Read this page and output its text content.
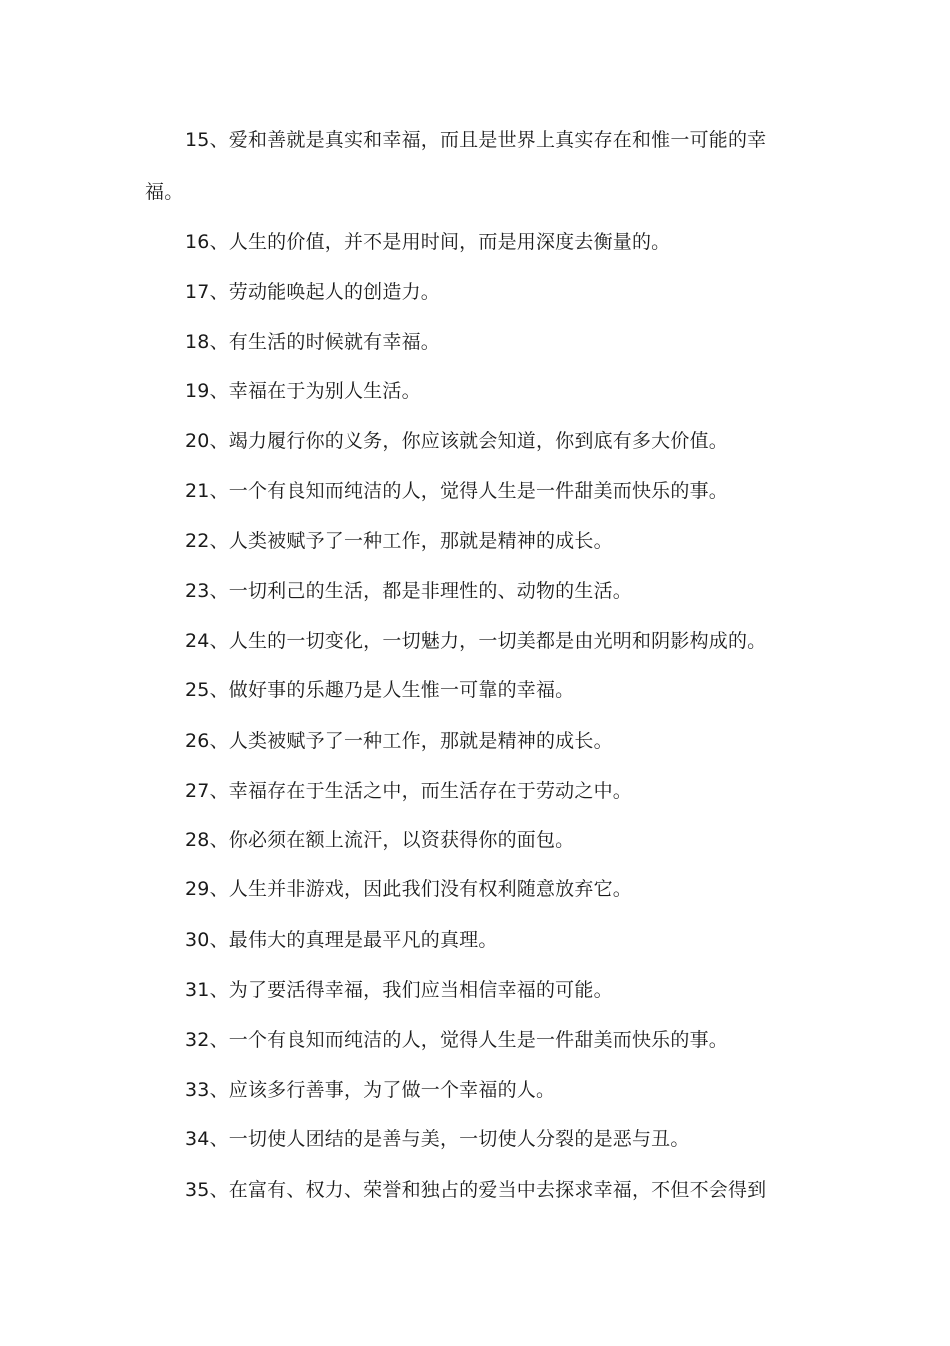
15、爱和善就是真实和幸福，而且是世界上真实存在和惟一可能的幸
福。
16、人生的价值，并不是用时间，而是用深度去衡量的。
17、劳动能唤起人的创造力。
18、有生活的时候就有幸福。
19、幸福在于为别人生活。
20、竭力履行你的义务，你应该就会知道，你到底有多大价值。
21、一个有良知而纯洁的人，觉得人生是一件甜美而快乐的事。
22、人类被赋予了一种工作，那就是精神的成长。
23、一切利己的生活，都是非理性的、动物的生活。
24、人生的一切变化，一切魅力，一切美都是由光明和阴影构成的。
25、做好事的乐趣乃是人生惟一可靠的幸福。
26、人类被赋予了一种工作，那就是精神的成长。
27、幸福存在于生活之中，而生活存在于劳动之中。
28、你必须在额上流汗，以资获得你的面包。
29、人生并非游戏，因此我们没有权利随意放弃它。
30、最伟大的真理是最平凡的真理。
31、为了要活得幸福，我们应当相信幸福的可能。
32、一个有良知而纯洁的人，觉得人生是一件甜美而快乐的事。
33、应该多行善事，为了做一个幸福的人。
34、一切使人团结的是善与美，一切使人分裂的是恶与丑。
35、在富有、权力、荣誉和独占的爱当中去探求幸福，不但不会得到
